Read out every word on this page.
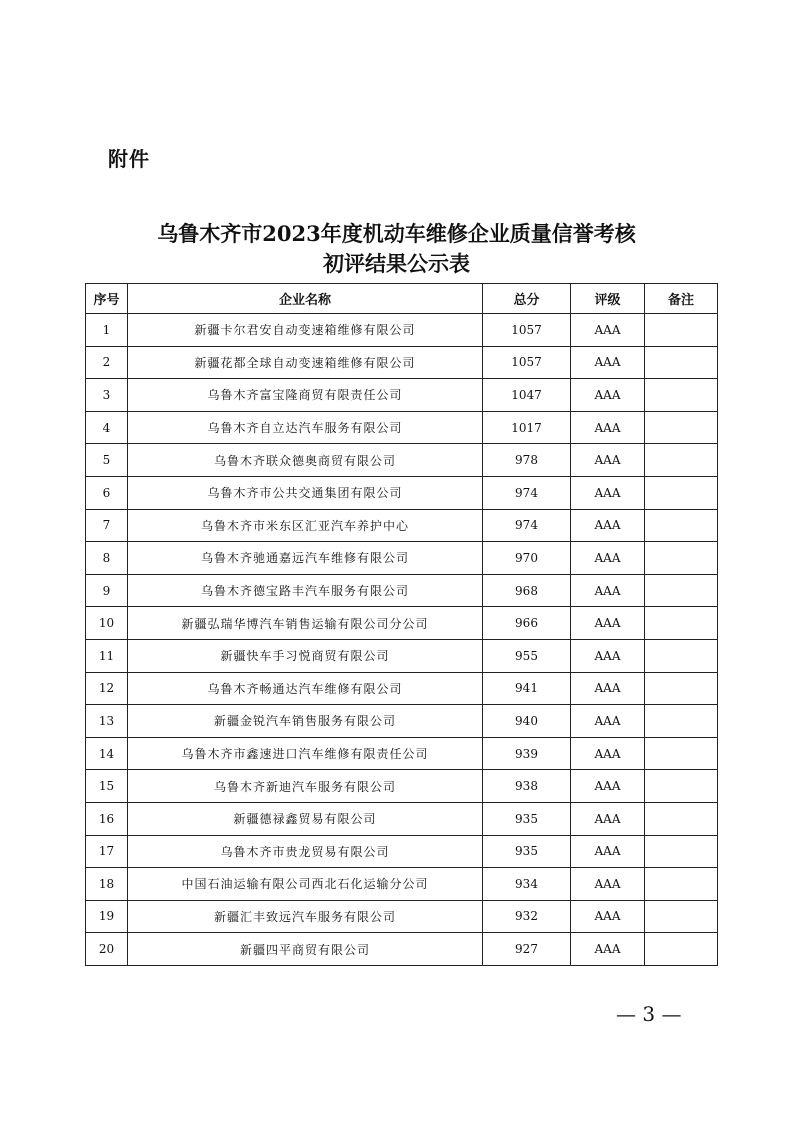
附件
乌鲁木齐市2023年度机动车维修企业质量信誉考核
初评结果公示表
序号	企业名称	总分	评级	备注
1	新疆卡尔君安自动变速箱维修有限公司	1057	AAA	
2	新疆花都全球自动变速箱维修有限公司	1057	AAA	
3	乌鲁木齐富宝隆商贸有限责任公司	1047	AAA	
4	乌鲁木齐自立达汽车服务有限公司	1017	AAA	
5	乌鲁木齐联众德奥商贸有限公司	978	AAA	
6	乌鲁木齐市公共交通集团有限公司	974	AAA	
7	乌鲁木齐市米东区汇亚汽车养护中心	974	AAA	
8	乌鲁木齐驰通嘉远汽车维修有限公司	970	AAA	
9	乌鲁木齐德宝路丰汽车服务有限公司	968	AAA	
10	新疆弘瑞华博汽车销售运输有限公司分公司	966	AAA	
11	新疆快车手习悦商贸有限公司	955	AAA	
12	乌鲁木齐畅通达汽车维修有限公司	941	AAA	
13	新疆金锐汽车销售服务有限公司	940	AAA	
14	乌鲁木齐市鑫速进口汽车维修有限责任公司	939	AAA	
15	乌鲁木齐新迪汽车服务有限公司	938	AAA	
16	新疆德禄鑫贸易有限公司	935	AAA	
17	乌鲁木齐市贵龙贸易有限公司	935	AAA	
18	中国石油运输有限公司西北石化运输分公司	934	AAA	
19	新疆汇丰致远汽车服务有限公司	932	AAA	
20	新疆四平商贸有限公司	927	AAA	
— 3 —
